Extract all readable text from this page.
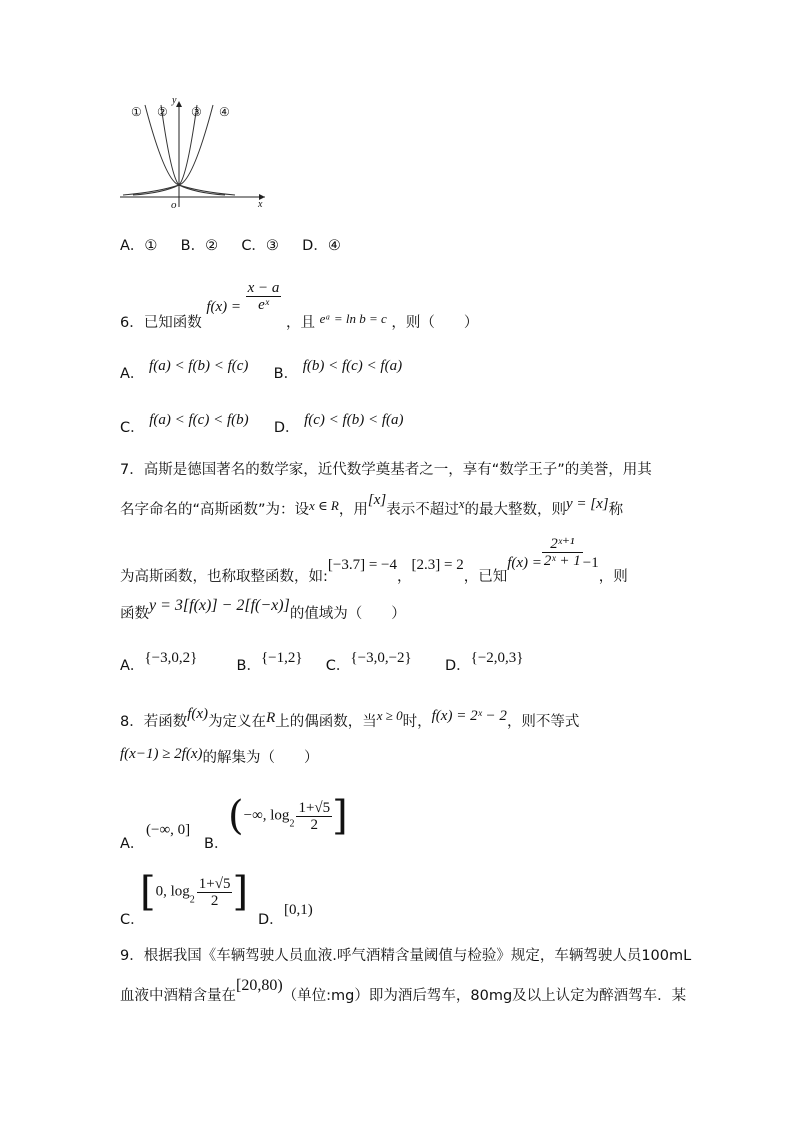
① ② ③ ④
y
x
o
A．① B．② C．③ D．④
6．已知函数 $f(x) = \frac{x - a}{\text{eˣ}}$
，且 eᵃ = ln b = c ，则（　　）
A． f(a) < f(b) < f(c) B． f(b) < f(c) < f(a)
C． f(a) < f(c) < f(b) D． f(c) < f(b) < f(a)
7．高斯是德国著名的数学家，近代数学奠基者之一，享有“数学王子”的美誉，用其
名字命名的“高斯函数”为：设x ∈ R，用[x]表示不超过x的最大整数，则y = [x]称
为高斯函数，也称取整函数，如:[−3.7] = −4，[2.3] = 2，已知$f(x) = \frac{\text{2ˣ⁺¹}}{\text{2ˣ + 1}} -1$，则
函数y = 3[f(x)] − 2[f(−x)]的值域为（　　）
A．{−3,0,2}	B．{−1,2} C．{−3,0,−2} D．{−2,0,3}
8．若函数f(x)为定义在R上的偶函数，当x ≥ 0时，f(x) = 2ˣ − 2，则不等式
f(x−1) ≥ 2f(x)的解集为（　　）
A．
(−∞, 0]
B．
(−∞, $\log_2 \frac{1+√5}{2}$ ]
C．
[0, $\log_2 \frac{1+√5}{2}$ ]
D．
[0,1)
9．根据我国《车辆驾驶人员血液.呼气酒精含量阈值与检验》规定，车辆驾驶人员100mL
血液中酒精含量在[20,80)（单位:mg）即为酒后驾车，80mg及以上认定为醉酒驾车．某
